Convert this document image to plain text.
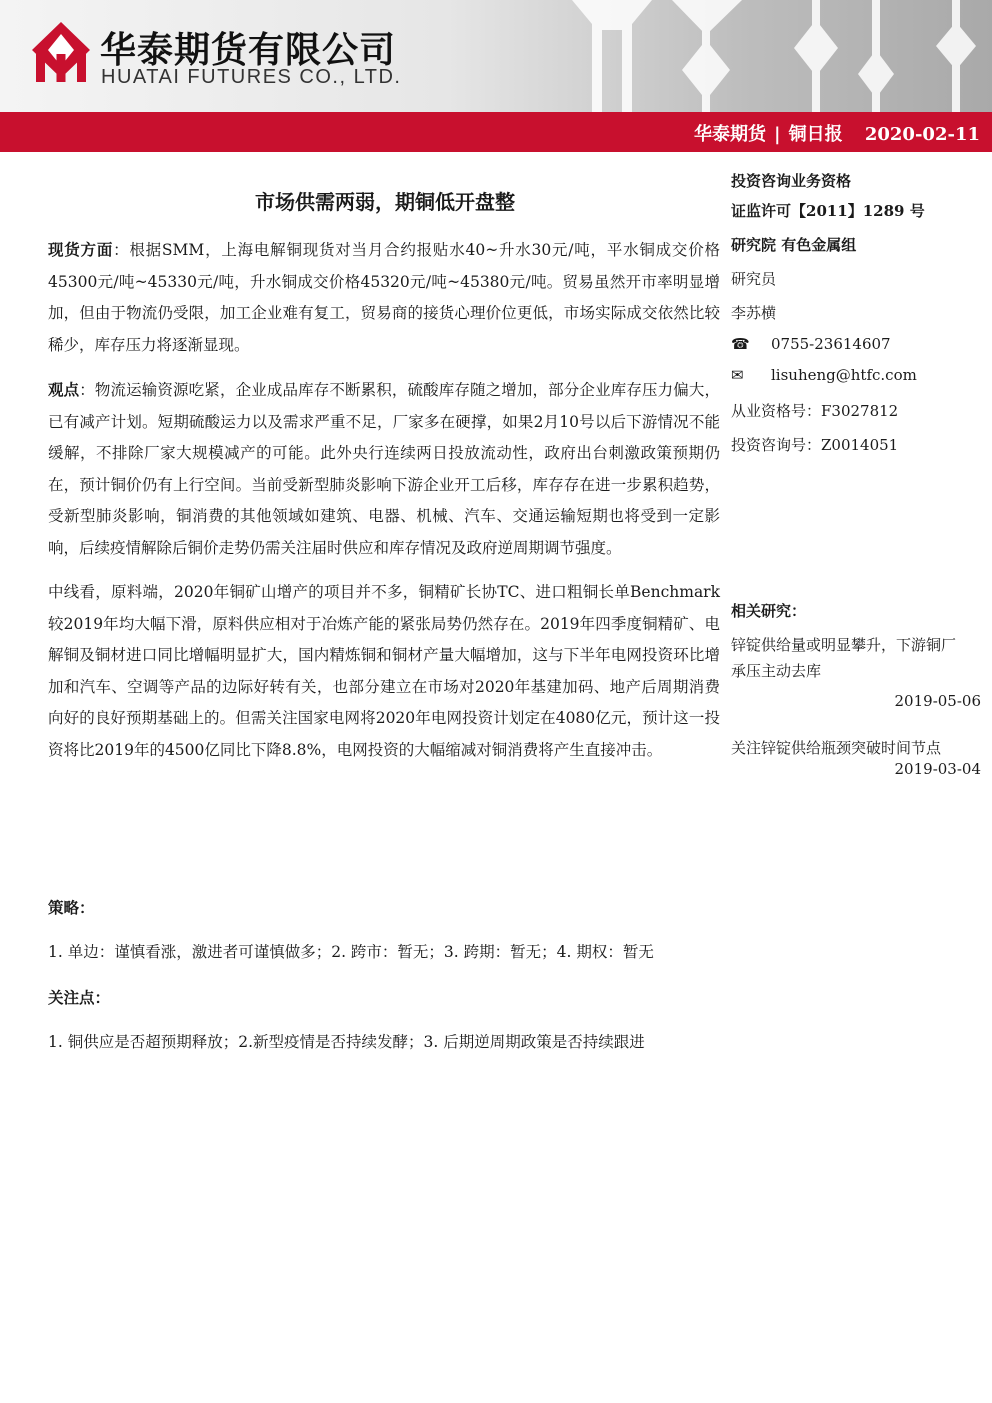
华泰期货有限公司
HUATAI FUTURES CO., LTD.
华泰期货 | 铜日报 2020-02-11
市场供需两弱，期铜低开盘整

现货方面：根据SMM，上海电解铜现货对当月合约报贴水40~升水30元/吨，平水铜成交价格45300元/吨~45330元/吨，升水铜成交价格45320元/吨~45380元/吨。贸易虽然开市率明显增加，但由于物流仍受限，加工企业难有复工，贸易商的接货心理价位更低，市场实际成交依然比较稀少，库存压力将逐渐显现。

观点：物流运输资源吃紧，企业成品库存不断累积，硫酸库存随之增加，部分企业库存压力偏大，已有减产计划。短期硫酸运力以及需求严重不足，厂家多在硬撑，如果2月10号以后下游情况不能缓解，不排除厂家大规模减产的可能。此外央行连续两日投放流动性，政府出台刺激政策预期仍在，预计铜价仍有上行空间。当前受新型肺炎影响下游企业开工后移，库存存在进一步累积趋势，受新型肺炎影响，铜消费的其他领域如建筑、电器、机械、汽车、交通运输短期也将受到一定影响，后续疫情解除后铜价走势仍需关注届时供应和库存情况及政府逆周期调节强度。

中线看，原料端，2020年铜矿山增产的项目并不多，铜精矿长协TC、进口粗铜长单Benchmark较2019年均大幅下滑，原料供应相对于冶炼产能的紧张局势仍然存在。2019年四季度铜精矿、电解铜及铜材进口同比增幅明显扩大，国内精炼铜和铜材产量大幅增加，这与下半年电网投资环比增加和汽车、空调等产品的边际好转有关，也部分建立在市场对2020年基建加码、地产后周期消费向好的良好预期基础上的。但需关注国家电网将2020年电网投资计划定在4080亿元，预计这一投资将比2019年的4500亿同比下降8.8%，电网投资的大幅缩减对铜消费将产生直接冲击。

策略：
1. 单边：谨慎看涨，激进者可谨慎做多；2. 跨市：暂无；3. 跨期：暂无；4. 期权：暂无
关注点：
1. 铜供应是否超预期释放；2.新型疫情是否持续发酵；3. 后期逆周期政策是否持续跟进
投资咨询业务资格
证监许可【2011】1289 号
研究院 有色金属组
研究员
李苏横
☎ 0755-23614607
✉ lisuheng@htfc.com
从业资格号：F3027812
投资咨询号：Z0014051
相关研究：
锌锭供给量或明显攀升，下游铜厂
承压主动去库
2019-05-06
关注锌锭供给瓶颈突破时间节点
2019-03-04
